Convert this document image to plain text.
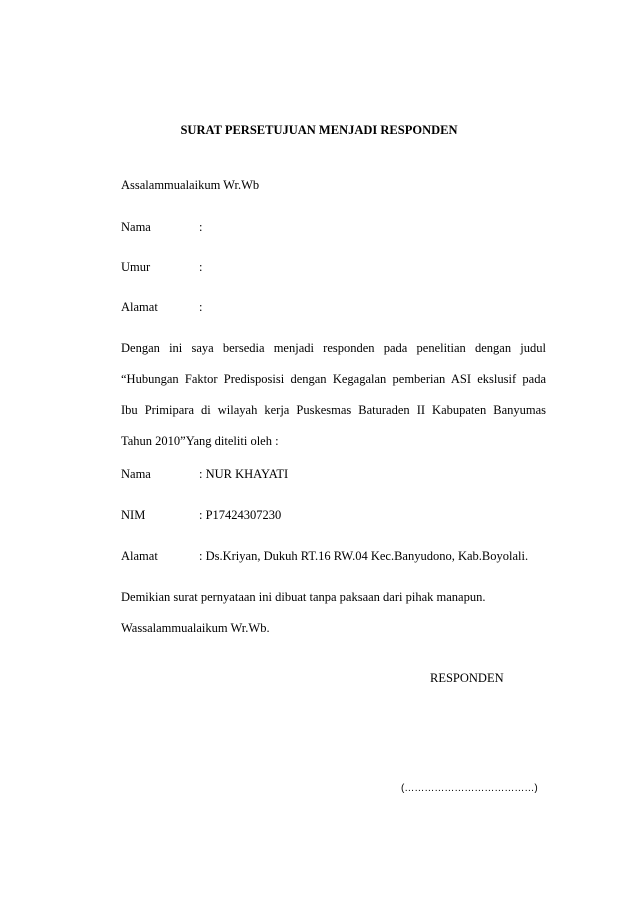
SURAT PERSETUJUAN MENJADI RESPONDEN
Assalammualaikum Wr.Wb
Nama	:
Umur	:
Alamat	:
Dengan ini saya bersedia menjadi responden pada penelitian dengan judul
“Hubungan Faktor Predisposisi dengan Kegagalan pemberian ASI ekslusif pada
Ibu Primipara di wilayah kerja Puskesmas Baturaden II Kabupaten Banyumas
Tahun 2010”Yang diteliti oleh :
Nama	: NUR KHAYATI
NIM	: P17424307230
Alamat	: Ds.Kriyan, Dukuh RT.16 RW.04 Kec.Banyudono, Kab.Boyolali.
Demikian surat pernyataan ini dibuat tanpa paksaan dari pihak manapun.
Wassalammualaikum Wr.Wb.
RESPONDEN
(…………………………………)
